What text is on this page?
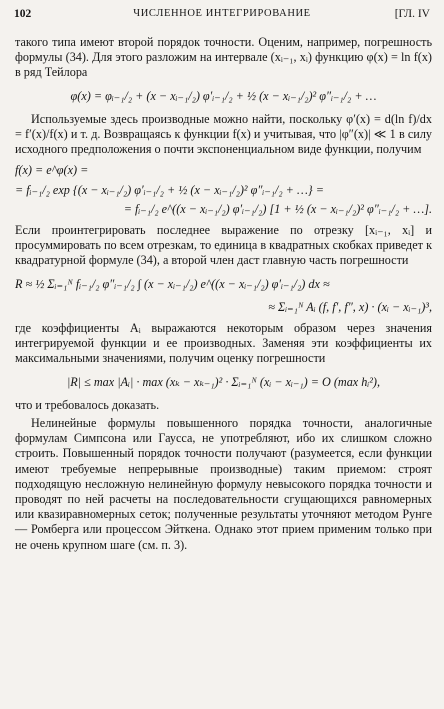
102	ЧИСЛЕННОЕ ИНТЕГРИРОВАНИЕ	[ГЛ. IV

такого типа имеют второй порядок точности. Оценим, например, погрешность формулы (34). Для этого разложим на интервале (xᵢ₋₁, xᵢ) функцию φ(x) = ln f(x) в ряд Тейлора

φ(x) = φᵢ₋₁/₂ + (x − xᵢ₋₁/₂) φ′ᵢ₋₁/₂ + ½ (x − xᵢ₋₁/₂)² φ″ᵢ₋₁/₂ + …

Используемые здесь производные можно найти, поскольку φ′(x) = d(ln f)/dx = f′(x)/f(x) и т. д. Возвращаясь к функции f(x) и учитывая, что |φ″(x)| ≪ 1 в силу исходного предположения о почти экспоненциальном виде функции, получим

f(x) = e^φ(x) =

= fᵢ₋₁/₂ exp {(x − xᵢ₋₁/₂) φ′ᵢ₋₁/₂ + ½ (x − xᵢ₋₁/₂)² φ″ᵢ₋₁/₂ + …} =

= fᵢ₋₁/₂ e^((x − xᵢ₋₁/₂) φ′ᵢ₋₁/₂) [1 + ½ (x − xᵢ₋₁/₂)² φ″ᵢ₋₁/₂ + …].

Если проинтегрировать последнее выражение по отрезку [xᵢ₋₁, xᵢ] и просуммировать по всем отрезкам, то единица в квадратных скобках приведет к квадратурной формуле (34), а второй член даст главную часть погрешности

R ≈ ½ Σᵢ₌₁ᴺ fᵢ₋₁/₂ φ″ᵢ₋₁/₂ ∫ (x − xᵢ₋₁/₂) e^((x − xᵢ₋₁/₂) φ′ᵢ₋₁/₂) dx ≈

≈ Σᵢ₌₁ᴺ Aᵢ (f, f′, f″, x) · (xᵢ − xᵢ₋₁)³,

где коэффициенты Aᵢ выражаются некоторым образом через значения интегрируемой функции и ее производных. Заменяя эти коэффициенты их максимальными значениями, получим оценку погрешности

|R| ≤ max |Aᵢ| · max (xₖ − xₖ₋₁)² · Σᵢ₌₁ᴺ (xᵢ − xᵢ₋₁) = O (max hᵢ²),

что и требовалось доказать.

Нелинейные формулы повышенного порядка точности, аналогичные формулам Симпсона или Гаусса, не употребляют, ибо их слишком сложно строить. Повышенный порядок точности получают (разумеется, если функции имеют требуемые непрерывные производные) таким приемом: строят подходящую несложную нелинейную формулу невысокого порядка точности и проводят по ней расчеты на последовательности сгущающихся равномерных или квазиравномерных сеток; полученные результаты уточняют методом Рунге — Ромберга или процессом Эйткена. Однако этот прием применим только при не очень крупном шаге (см. п. 3).
